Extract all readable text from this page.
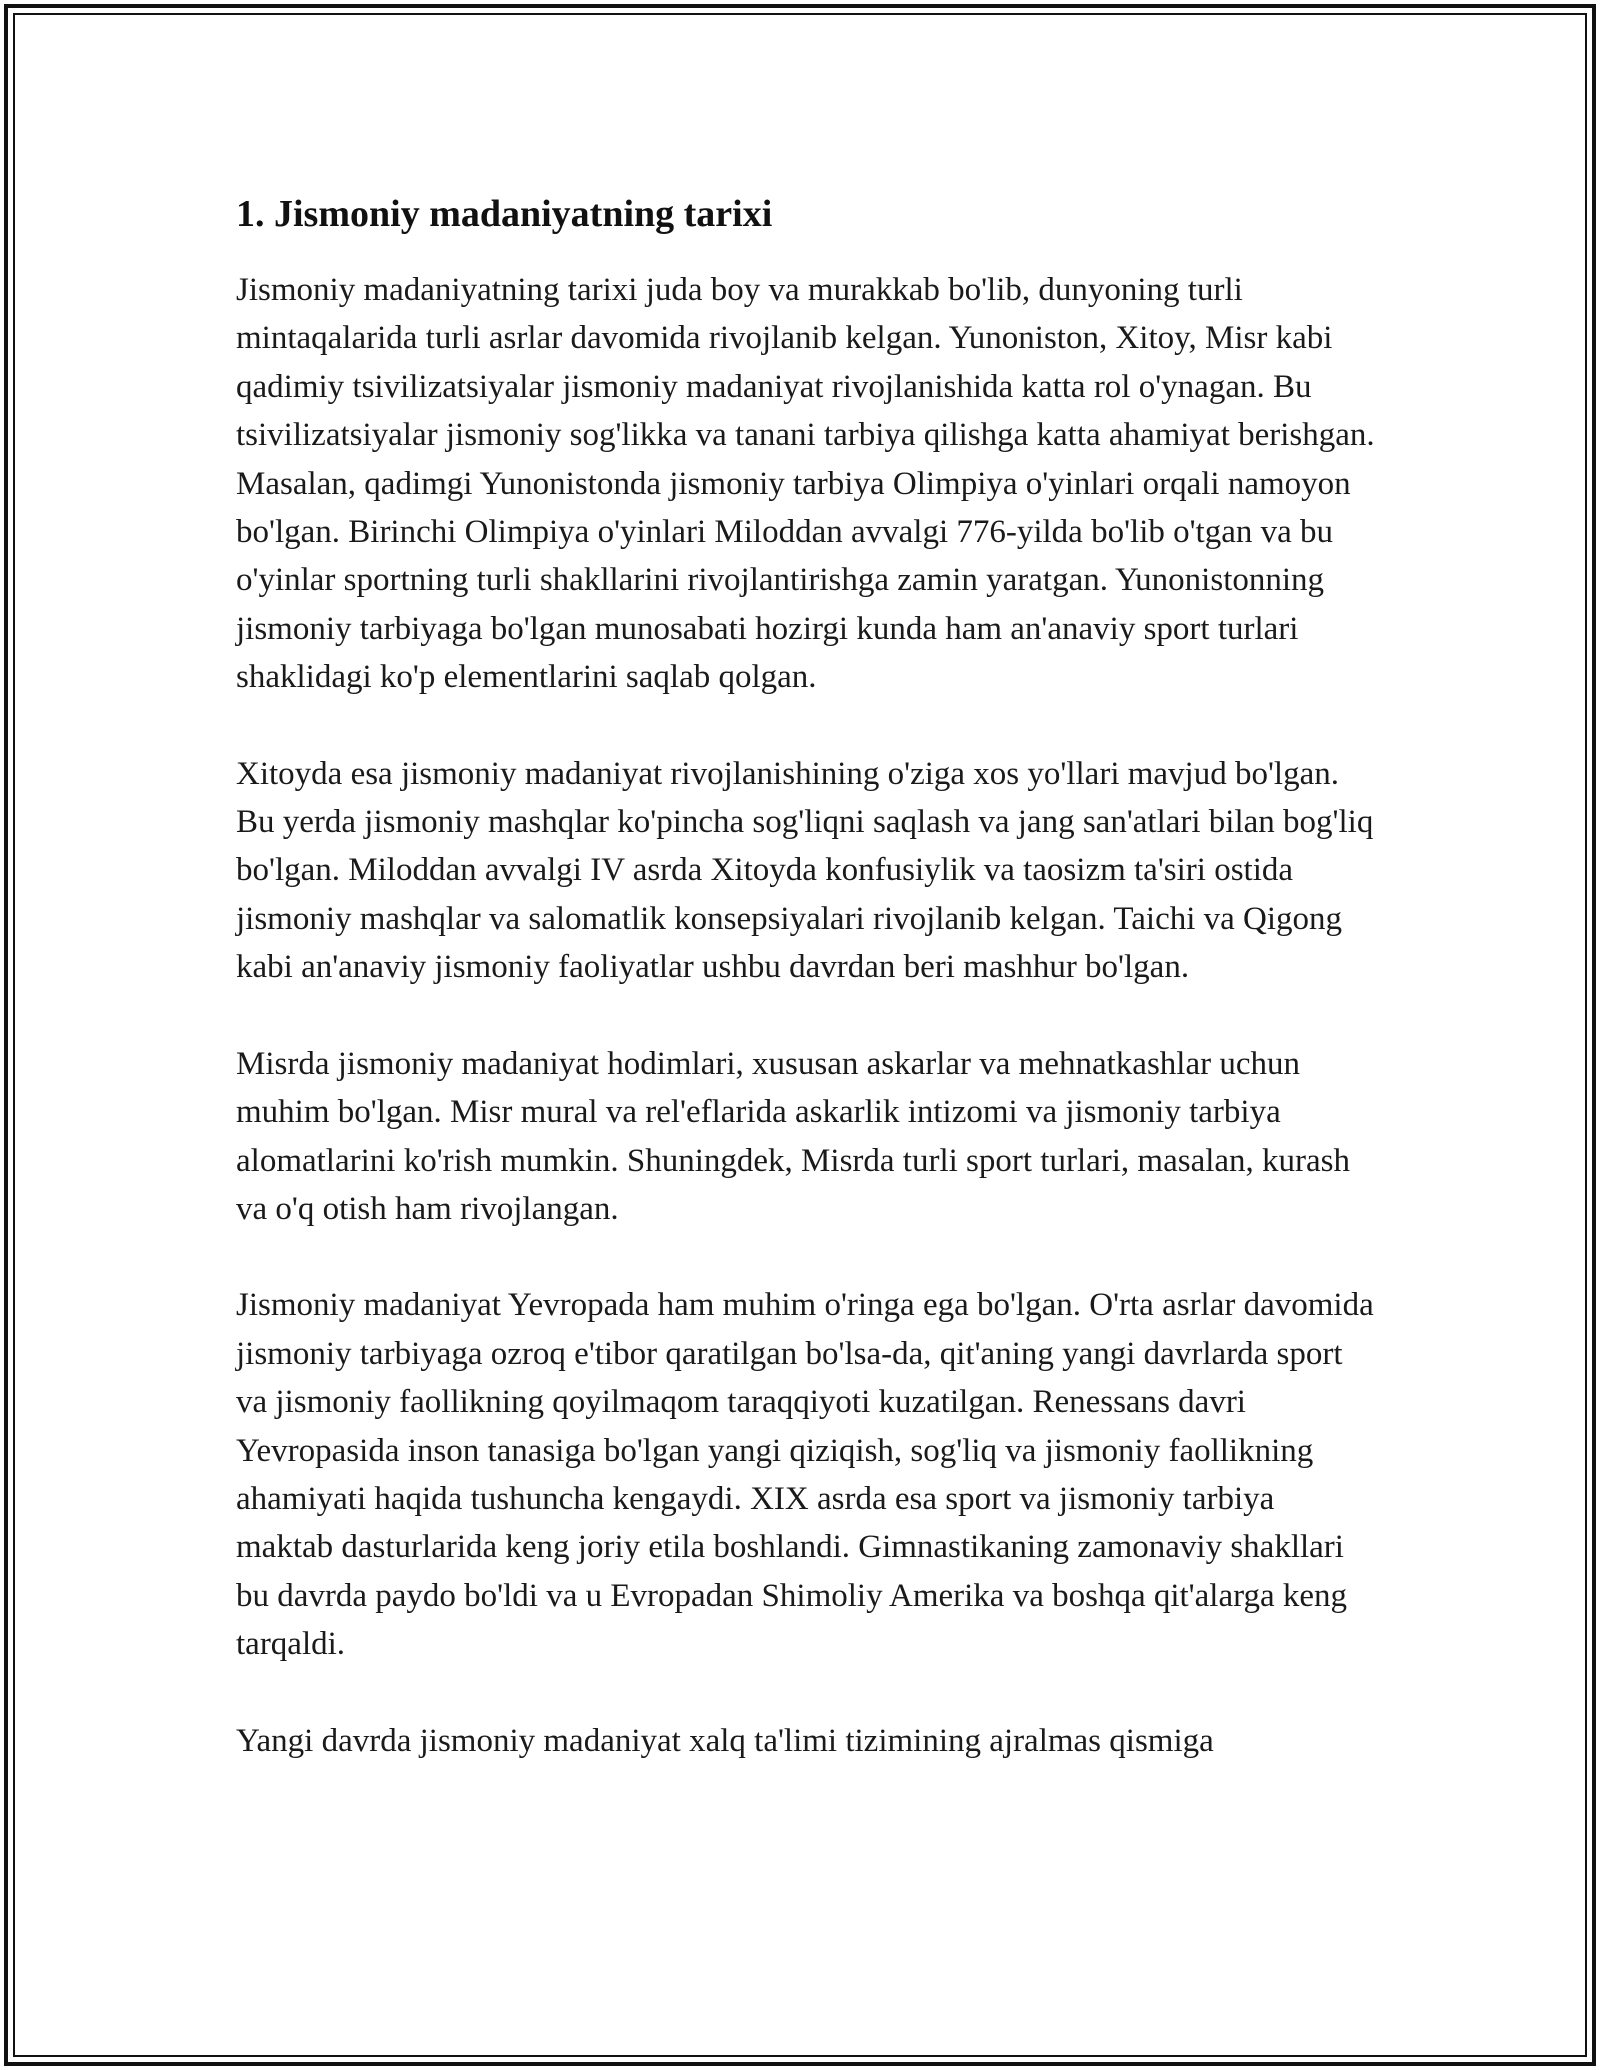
1. Jismoniy madaniyatning tarixi

Jismoniy madaniyatning tarixi juda boy va murakkab bo'lib, dunyoning turli mintaqalarida turli asrlar davomida rivojlanib kelgan. Yunoniston, Xitoy, Misr kabi qadimiy tsivilizatsiyalar jismoniy madaniyat rivojlanishida katta rol o'ynagan. Bu tsivilizatsiyalar jismoniy sog'likka va tanani tarbiya qilishga katta ahamiyat berishgan. Masalan, qadimgi Yunonistonda jismoniy tarbiya Olimpiya o'yinlari orqali namoyon bo'lgan. Birinchi Olimpiya o'yinlari Miloddan avvalgi 776-yilda bo'lib o'tgan va bu o'yinlar sportning turli shakllarini rivojlantirishga zamin yaratgan. Yunonistonning jismoniy tarbiyaga bo'lgan munosabati hozirgi kunda ham an'anaviy sport turlari shaklidagi ko'p elementlarini saqlab qolgan.

Xitoyda esa jismoniy madaniyat rivojlanishining o'ziga xos yo'llari mavjud bo'lgan. Bu yerda jismoniy mashqlar ko'pincha sog'liqni saqlash va jang san'atlari bilan bog'liq bo'lgan. Miloddan avvalgi IV asrda Xitoyda konfusiylik va taosizm ta'siri ostida jismoniy mashqlar va salomatlik konsepsiyalari rivojlanib kelgan. Taichi va Qigong kabi an'anaviy jismoniy faoliyatlar ushbu davrdan beri mashhur bo'lgan.

Misrda jismoniy madaniyat hodimlari, xususan askarlar va mehnatkashlar uchun muhim bo'lgan. Misr mural va rel'eflarida askarlik intizomi va jismoniy tarbiya alomatlarini ko'rish mumkin. Shuningdek, Misrda turli sport turlari, masalan, kurash va o'q otish ham rivojlangan.

Jismoniy madaniyat Yevropada ham muhim o'ringa ega bo'lgan. O'rta asrlar davomida jismoniy tarbiyaga ozroq e'tibor qaratilgan bo'lsa-da, qit'aning yangi davrlarda sport va jismoniy faollikning qoyilmaqom taraqqiyoti kuzatilgan. Renessans davri Yevropasida inson tanasiga bo'lgan yangi qiziqish, sog'liq va jismoniy faollikning ahamiyati haqida tushuncha kengaydi. XIX asrda esa sport va jismoniy tarbiya maktab dasturlarida keng joriy etila boshlandi. Gimnastikaning zamonaviy shakllari bu davrda paydo bo'ldi va u Evropadan Shimoliy Amerika va boshqa qit'alarga keng tarqaldi.

Yangi davrda jismoniy madaniyat xalq ta'limi tizimining ajralmas qismiga
